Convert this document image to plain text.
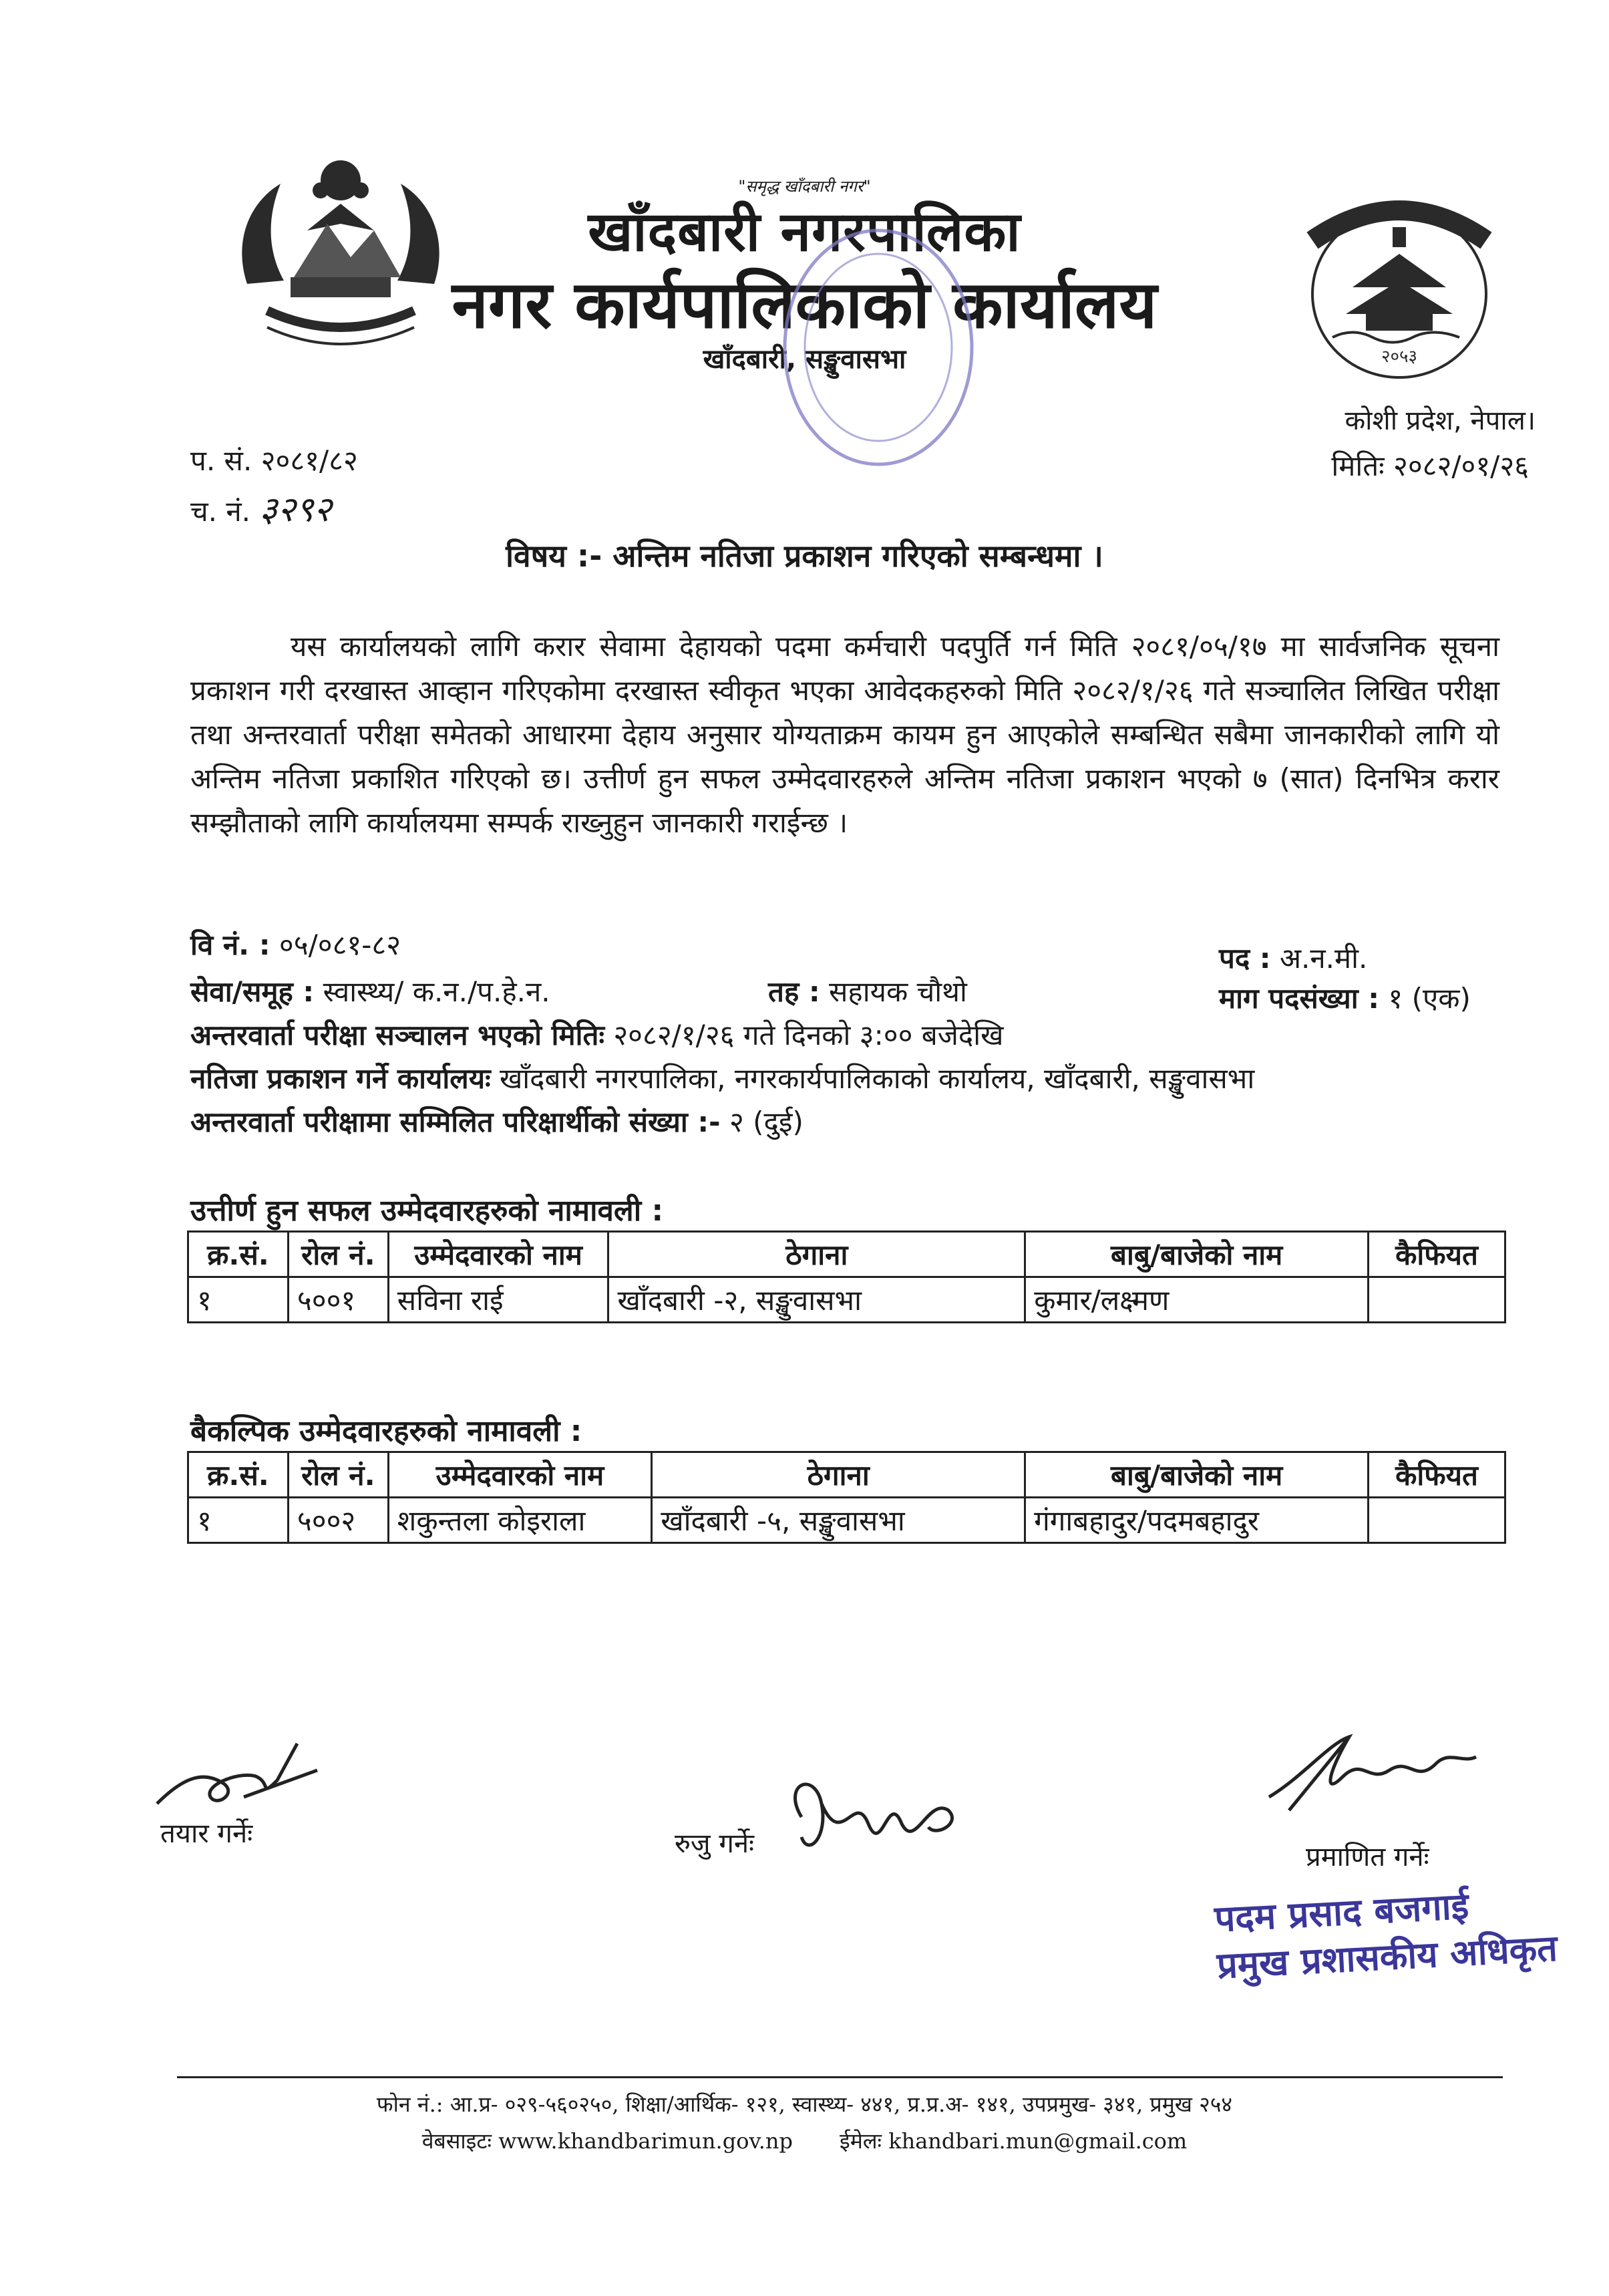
२०५३
"समृद्ध खाँदबारी नगर"
खाँदबारी नगरपालिका
नगर कार्यपालिकाको कार्यालय
खाँदबारी, सङ्खुवासभा
कोशी प्रदेश, नेपाल।
प. सं. २०८१/८२
च. नं. ३२९२
मितिः २०८२/०१/२६
विषय :- अन्तिम नतिजा प्रकाशन गरिएको सम्बन्धमा ।
यस कार्यालयको लागि करार सेवामा देहायको पदमा कर्मचारी पदपुर्ति गर्न मिति २०८१/०५/१७ मा सार्वजनिक सूचना प्रकाशन गरी दरखास्त आव्हान गरिएकोमा दरखास्त स्वीकृत भएका आवेदकहरुको मिति २०८२/१/२६ गते सञ्चालित लिखित परीक्षा तथा अन्तरवार्ता परीक्षा समेतको आधारमा देहाय अनुसार योग्यताक्रम कायम हुन आएकोले सम्बन्धित सबैमा जानकारीको लागि यो अन्तिम नतिजा प्रकाशित गरिएको छ। उत्तीर्ण हुन सफल उम्मेदवारहरुले अन्तिम नतिजा प्रकाशन भएको ७ (सात) दिनभित्र करार सम्झौताको लागि कार्यालयमा सम्पर्क राख्नुहुन जानकारी गराईन्छ ।
वि नं. : ०५/०८१-८२	पद : अ.न.मी.
सेवा/समूह : स्वास्थ्य/ क.न./प.हे.न.	तह : सहायक चौथो	माग पदसंख्या : १ (एक)
अन्तरवार्ता परीक्षा सञ्चालन भएको मितिः २०८२/१/२६ गते दिनको ३:०० बजेदेखि
नतिजा प्रकाशन गर्ने कार्यालयः खाँदबारी नगरपालिका, नगरकार्यपालिकाको कार्यालय, खाँदबारी, सङ्खुवासभा
अन्तरवार्ता परीक्षामा सम्मिलित परिक्षार्थीको संख्या :- २ (दुई)
उत्तीर्ण हुन सफल उम्मेदवारहरुको नामावली :
क्र.सं.	रोल नं.	उम्मेदवारको नाम	ठेगाना	बाबु/बाजेको नाम	कैफियत
१	५००१	सविना राई	खाँदबारी -२, सङ्खुवासभा	कुमार/लक्ष्मण	
बैकल्पिक उम्मेदवारहरुको नामावली :
क्र.सं.	रोल नं.	उम्मेदवारको नाम	ठेगाना	बाबु/बाजेको नाम	कैफियत
१	५००२	शकुन्तला कोइराला	खाँदबारी -५, सङ्खुवासभा	गंगाबहादुर/पदमबहादुर	
तयार गर्नेः	रुजु गर्नेः	प्रमाणित गर्नेः
पदम प्रसाद बजगाई
प्रमुख प्रशासकीय अधिकृत
फोन नं.: आ.प्र- ०२९-५६०२५०, शिक्षा/आर्थिक- १२१, स्वास्थ्य- ४४१, प्र.प्र.अ- १४१, उपप्रमुख- ३४१, प्रमुख २५४
वेबसाइटः www.khandbarimun.gov.np ईमेलः khandbari.mun@gmail.com
